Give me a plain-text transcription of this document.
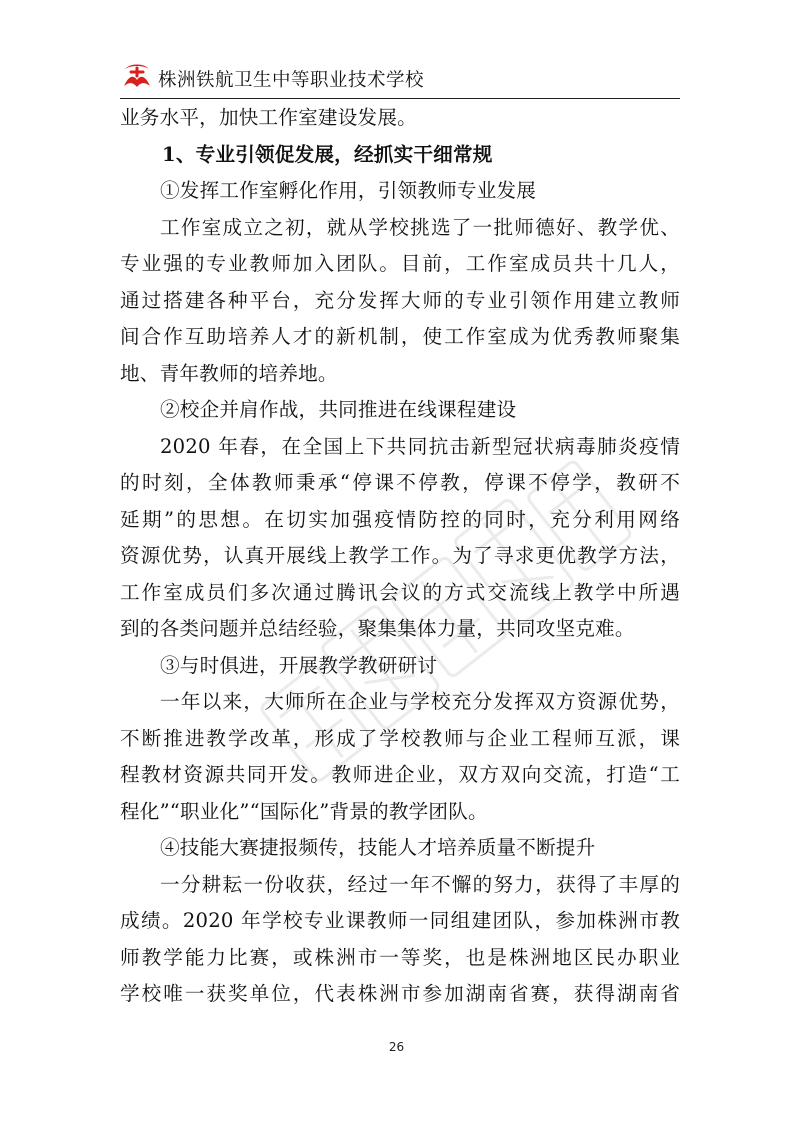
株洲铁航卫生中等职业技术学校
业务水平，加快工作室建设发展。
1、专业引领促发展，经抓实干细常规
①发挥工作室孵化作用，引领教师专业发展
工作室成立之初，就从学校挑选了一批师德好、教学优、
专业强的专业教师加入团队。目前，工作室成员共十几人，
通过搭建各种平台，充分发挥大师的专业引领作用建立教师
间合作互助培养人才的新机制，使工作室成为优秀教师聚集
地、青年教师的培养地。
②校企并肩作战，共同推进在线课程建设
2020 年春，在全国上下共同抗击新型冠状病毒肺炎疫情
的时刻，全体教师秉承“停课不停教，停课不停学，教研不
延期”的思想。在切实加强疫情防控的同时，充分利用网络
资源优势，认真开展线上教学工作。为了寻求更优教学方法，
工作室成员们多次通过腾讯会议的方式交流线上教学中所遇
到的各类问题并总结经验，聚集集体力量，共同攻坚克难。
③与时俱进，开展教学教研研讨
一年以来，大师所在企业与学校充分发挥双方资源优势，
不断推进教学改革，形成了学校教师与企业工程师互派，课
程教材资源共同开发。教师进企业，双方双向交流，打造“工
程化”“职业化”“国际化”背景的教学团队。
④技能大赛捷报频传，技能人才培养质量不断提升
一分耕耘一份收获，经过一年不懈的努力，获得了丰厚的
成绩。2020 年学校专业课教师一同组建团队，参加株洲市教
师教学能力比赛，或株洲市一等奖，也是株洲地区民办职业
学校唯一获奖单位，代表株洲市参加湖南省赛，获得湖南省
26
